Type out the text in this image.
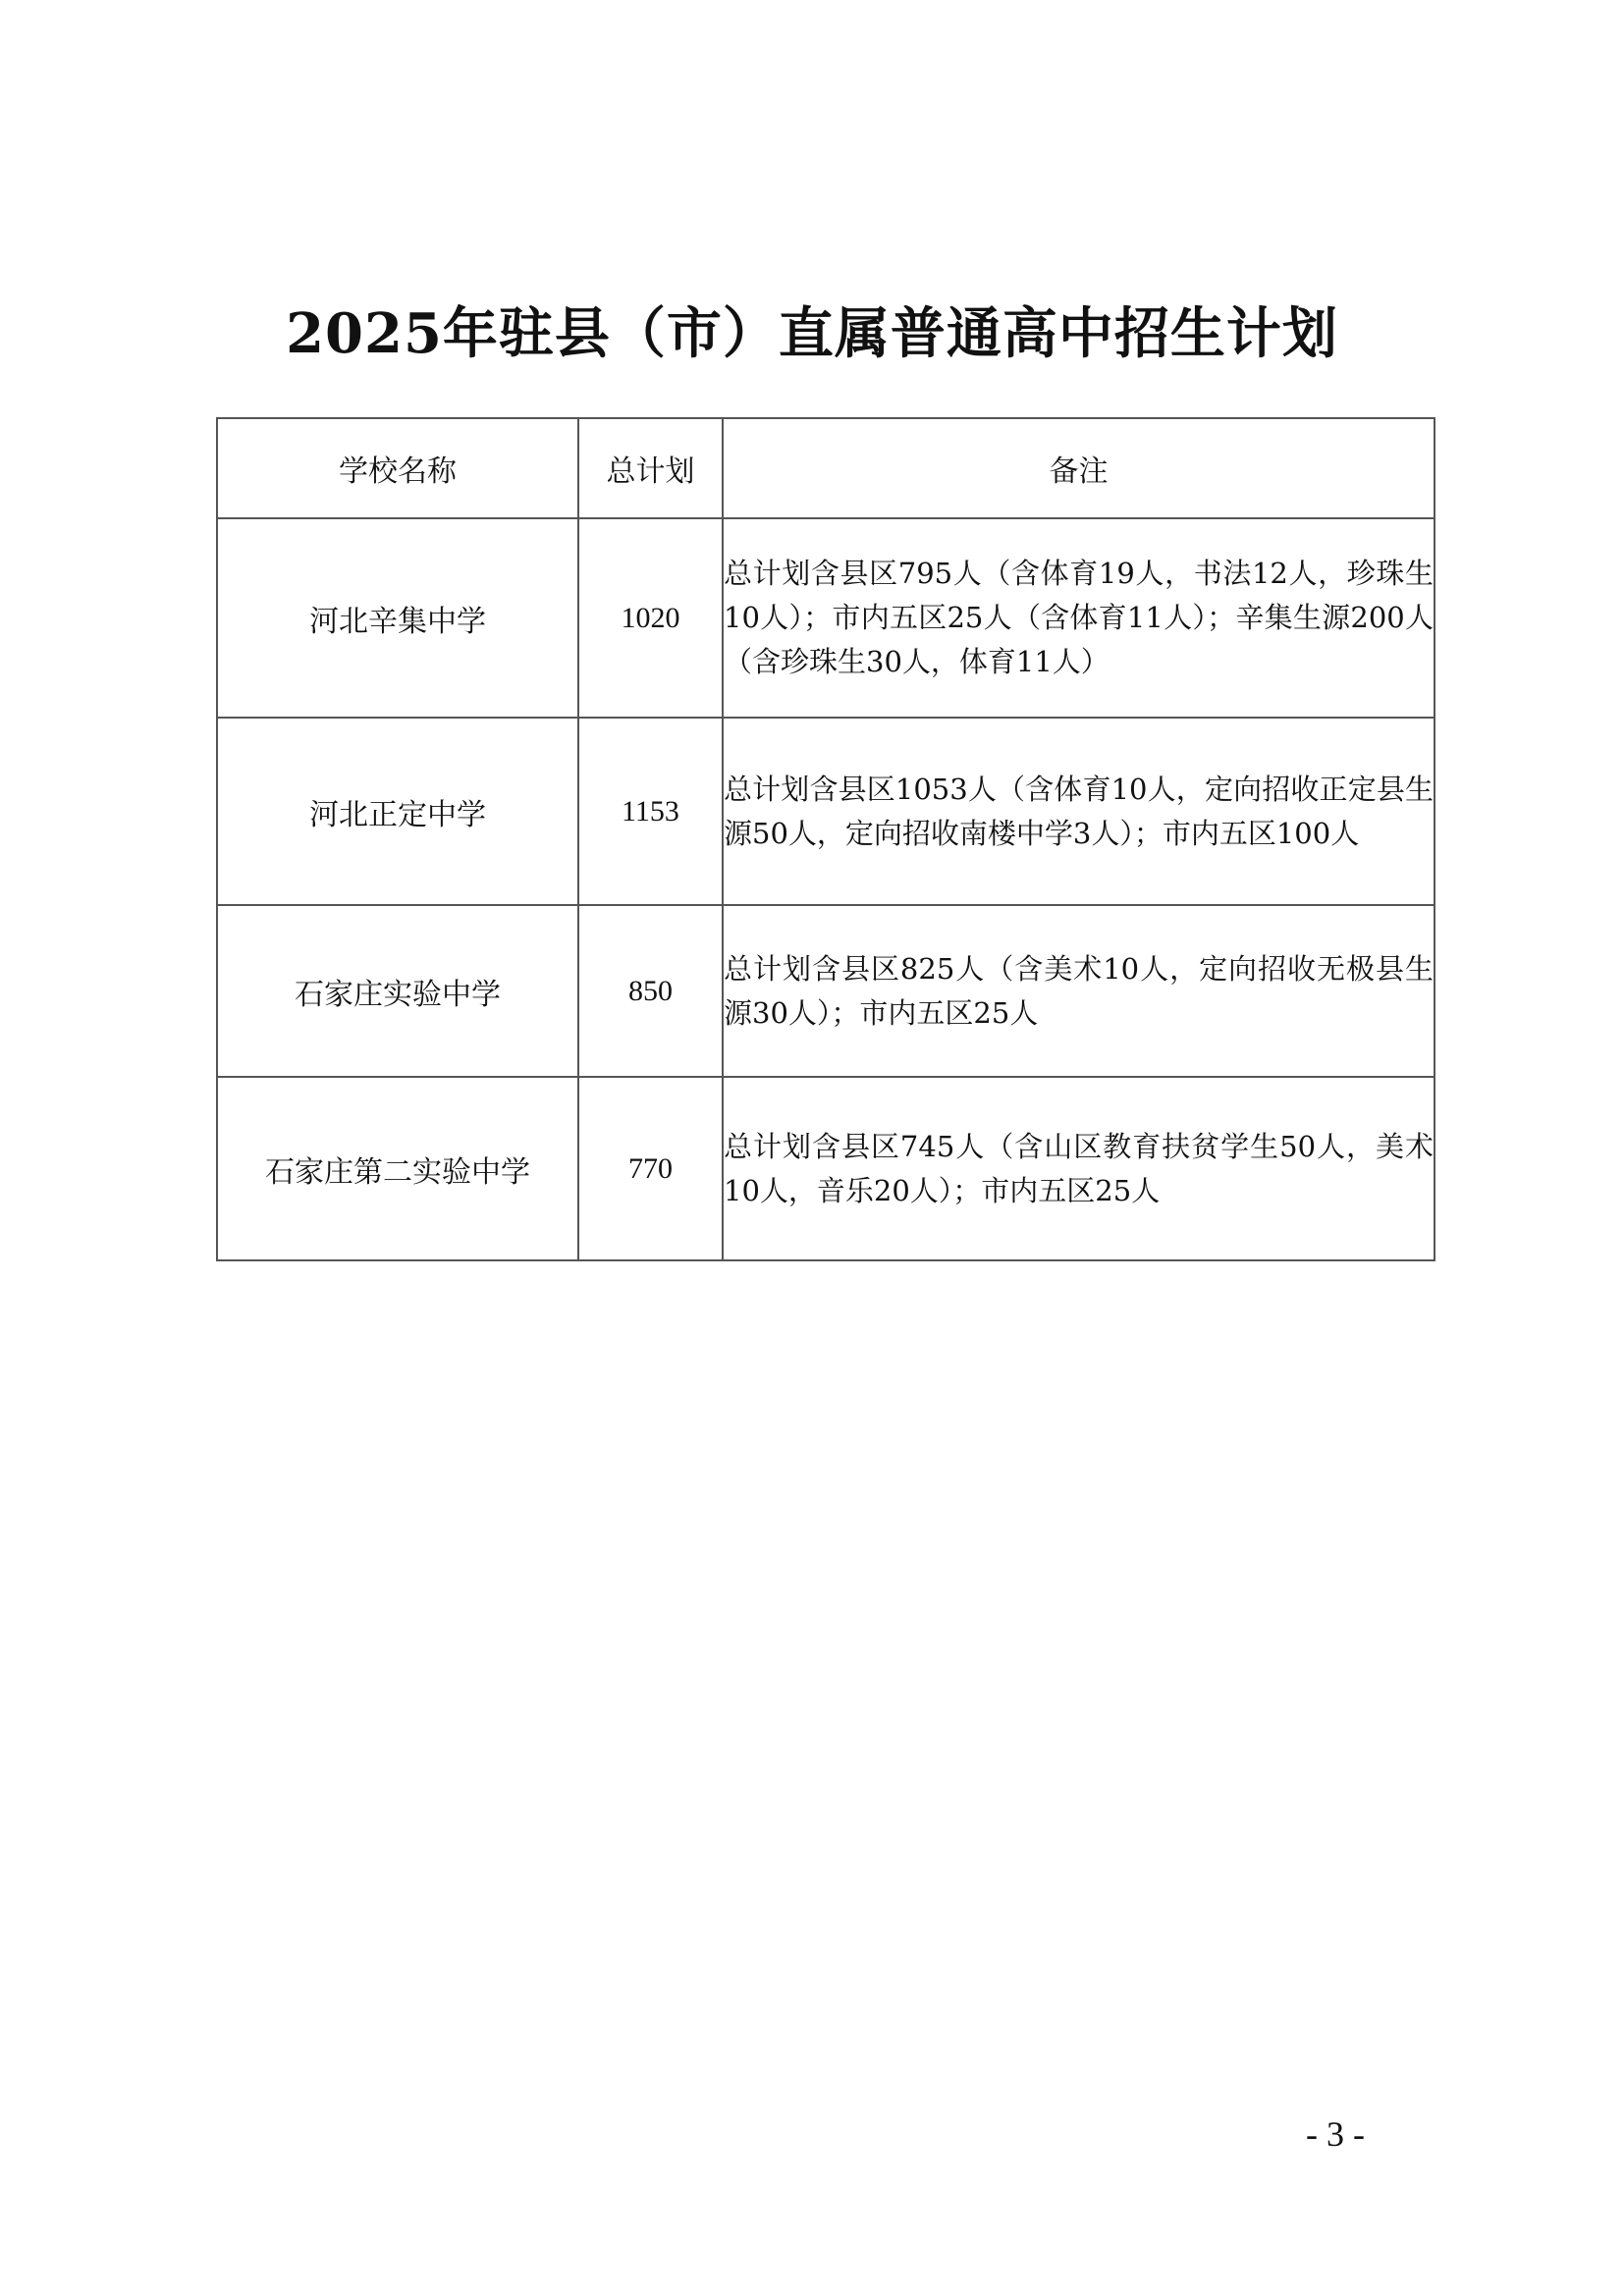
2025年驻县（市）直属普通高中招生计划
学校名称	总计划	备注
河北辛集中学	1020	总计划含县区795人（含体育19人，书法12人，珍珠生10人）；市内五区25人（含体育11人）；辛集生源200人（含珍珠生30人，体育11人）
河北正定中学	1153	总计划含县区1053人（含体育10人，定向招收正定县生源50人，定向招收南楼中学3人）；市内五区100人
石家庄实验中学	850	总计划含县区825人（含美术10人，定向招收无极县生源30人）；市内五区25人
石家庄第二实验中学	770	总计划含县区745人（含山区教育扶贫学生50人，美术10人，音乐20人）；市内五区25人
- 3 -
